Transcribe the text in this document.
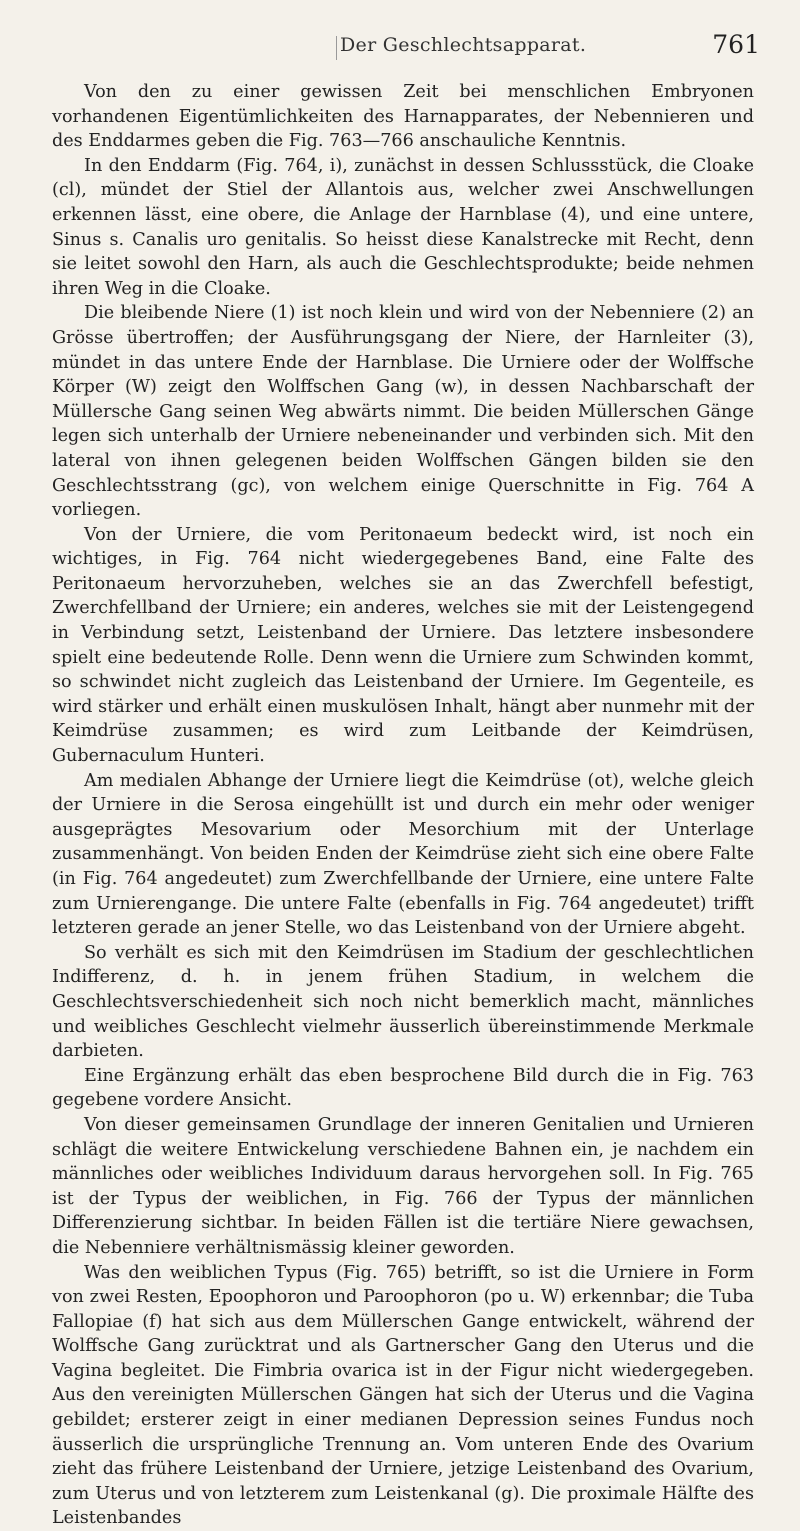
Der Geschlechtsapparat.	761

Von den zu einer gewissen Zeit bei menschlichen Embryonen vorhandenen Eigentümlichkeiten des Harnapparates, der Nebennieren und des Enddarmes geben die Fig. 763—766 anschauliche Kenntnis.

In den Enddarm (Fig. 764, i), zunächst in dessen Schlussstück, die Cloake (cl), mündet der Stiel der Allantois aus, welcher zwei Anschwellungen erkennen lässt, eine obere, die Anlage der Harnblase (4), und eine untere, Sinus s. Canalis uro genitalis. So heisst diese Kanalstrecke mit Recht, denn sie leitet sowohl den Harn, als auch die Geschlechtsprodukte; beide nehmen ihren Weg in die Cloake.

Die bleibende Niere (1) ist noch klein und wird von der Nebenniere (2) an Grösse übertroffen; der Ausführungsgang der Niere, der Harnleiter (3), mündet in das untere Ende der Harnblase. Die Urniere oder der Wolffsche Körper (W) zeigt den Wolffschen Gang (w), in dessen Nachbarschaft der Müllersche Gang seinen Weg abwärts nimmt. Die beiden Müllerschen Gänge legen sich unterhalb der Urniere nebeneinander und verbinden sich. Mit den lateral von ihnen gelegenen beiden Wolffschen Gängen bilden sie den Geschlechtsstrang (gc), von welchem einige Querschnitte in Fig. 764 A vorliegen.

Von der Urniere, die vom Peritonaeum bedeckt wird, ist noch ein wichtiges, in Fig. 764 nicht wiedergegebenes Band, eine Falte des Peritonaeum hervorzuheben, welches sie an das Zwerchfell befestigt, Zwerchfellband der Urniere; ein anderes, welches sie mit der Leistengegend in Verbindung setzt, Leistenband der Urniere. Das letztere insbesondere spielt eine bedeutende Rolle. Denn wenn die Urniere zum Schwinden kommt, so schwindet nicht zugleich das Leistenband der Urniere. Im Gegenteile, es wird stärker und erhält einen muskulösen Inhalt, hängt aber nunmehr mit der Keimdrüse zusammen; es wird zum Leitbande der Keimdrüsen, Gubernaculum Hunteri.

Am medialen Abhange der Urniere liegt die Keimdrüse (ot), welche gleich der Urniere in die Serosa eingehüllt ist und durch ein mehr oder weniger ausgeprägtes Mesovarium oder Mesorchium mit der Unterlage zusammenhängt. Von beiden Enden der Keimdrüse zieht sich eine obere Falte (in Fig. 764 angedeutet) zum Zwerchfellbande der Urniere, eine untere Falte zum Urnierengange. Die untere Falte (ebenfalls in Fig. 764 angedeutet) trifft letzteren gerade an jener Stelle, wo das Leistenband von der Urniere abgeht.

So verhält es sich mit den Keimdrüsen im Stadium der geschlechtlichen Indifferenz, d. h. in jenem frühen Stadium, in welchem die Geschlechtsverschiedenheit sich noch nicht bemerklich macht, männliches und weibliches Geschlecht vielmehr äusserlich übereinstimmende Merkmale darbieten.

Eine Ergänzung erhält das eben besprochene Bild durch die in Fig. 763 gegebene vordere Ansicht.

Von dieser gemeinsamen Grundlage der inneren Genitalien und Urnieren schlägt die weitere Entwickelung verschiedene Bahnen ein, je nachdem ein männliches oder weibliches Individuum daraus hervorgehen soll. In Fig. 765 ist der Typus der weiblichen, in Fig. 766 der Typus der männlichen Differenzierung sichtbar. In beiden Fällen ist die tertiäre Niere gewachsen, die Nebenniere verhältnismässig kleiner geworden.

Was den weiblichen Typus (Fig. 765) betrifft, so ist die Urniere in Form von zwei Resten, Epoophoron und Paroophoron (po u. W) erkennbar; die Tuba Fallopiae (f) hat sich aus dem Müllerschen Gange entwickelt, während der Wolffsche Gang zurücktrat und als Gartnerscher Gang den Uterus und die Vagina begleitet. Die Fimbria ovarica ist in der Figur nicht wiedergegeben. Aus den vereinigten Müllerschen Gängen hat sich der Uterus und die Vagina gebildet; ersterer zeigt in einer medianen Depression seines Fundus noch äusserlich die ursprüngliche Trennung an. Vom unteren Ende des Ovarium zieht das frühere Leistenband der Urniere, jetzige Leistenband des Ovarium, zum Uterus und von letzterem zum Leistenkanal (g). Die proximale Hälfte des Leistenbandes
